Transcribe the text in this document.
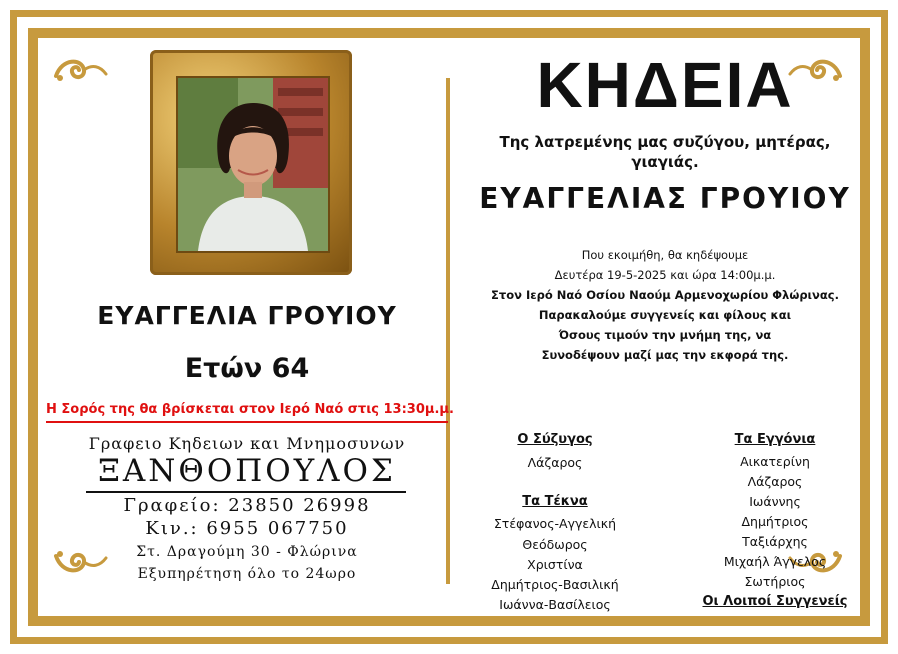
ΕΥΑΓΓΕΛΙΑ ΓΡΟΥΙΟΥ
Ετών 64
Η Σορός της θα βρίσκεται στον Ιερό Ναό στις 13:30μ.μ.
Γραφειο Κηδειων και Μνημοσυνων
ΞΑΝΘΟΠΟΥΛΟΣ
Γραφείο: 23850 26998
Κιν.: 6955 067750
Στ. Δραγούμη 30 - Φλώρινα
Εξυπηρέτηση όλο το 24ωρο
ΚΗΔΕΙΑ
Της λατρεμένης μας συζύγου, μητέρας,
γιαγιάς.
ΕΥΑΓΓΕΛΙΑΣ ΓΡΟΥΙΟΥ
Που εκοιμήθη, θα κηδέψουμε
Δευτέρα 19-5-2025 και ώρα 14:00μ.μ.
Στον Ιερό Ναό Οσίου Ναούμ Αρμενοχωρίου Φλώρινας.
Παρακαλούμε συγγενείς και φίλους και
Όσους τιμούν την μνήμη της, να
Συνοδέψουν μαζί μας την εκφορά της.
Ο Σύζυγος
Λάζαρος
Τα Τέκνα
Στέφανος-Αγγελική
Θεόδωρος
Χριστίνα
Δημήτριος-Βασιλική
Ιωάννα-Βασίλειος
Τα Εγγόνια
Αικατερίνη
Λάζαρος
Ιωάννης
Δημήτριος
Ταξιάρχης
Μιχαήλ Άγγελος
Σωτήριος
Οι Λοιποί Συγγενείς
